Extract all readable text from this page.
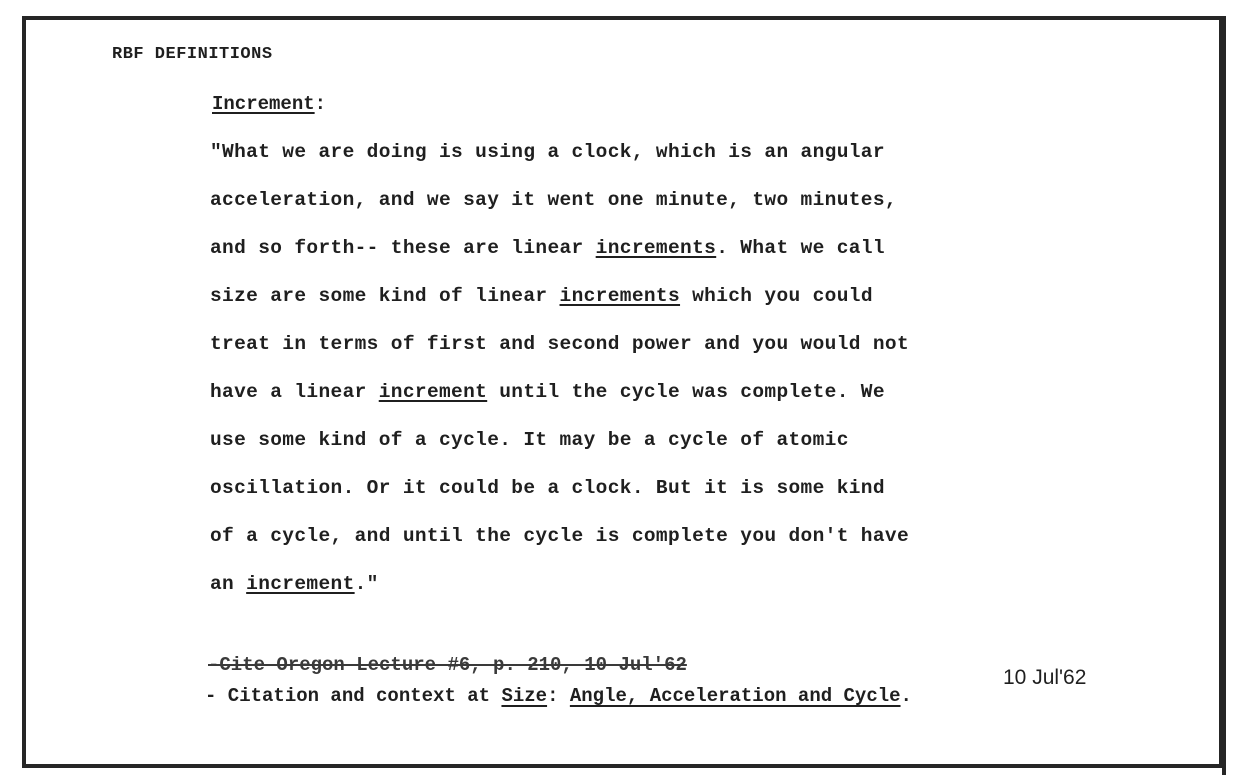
RBF DEFINITIONS
Increment:
"What we are doing is using a clock, which is an angular
acceleration, and we say it went one minute, two minutes,
and so forth-- these are linear increments. What we call
size are some kind of linear increments which you could
treat in terms of first and second power and you would not
have a linear increment until the cycle was complete. We
use some kind of a cycle. It may be a cycle of atomic
oscillation. Or it could be a clock. But it is some kind
of a cycle, and until the cycle is complete you don't have
an increment."
-Cite Oregon Lecture #6, p. 210, 10 Jul'62
10 Jul'62
- Citation and context at Size: Angle, Acceleration and Cycle.
